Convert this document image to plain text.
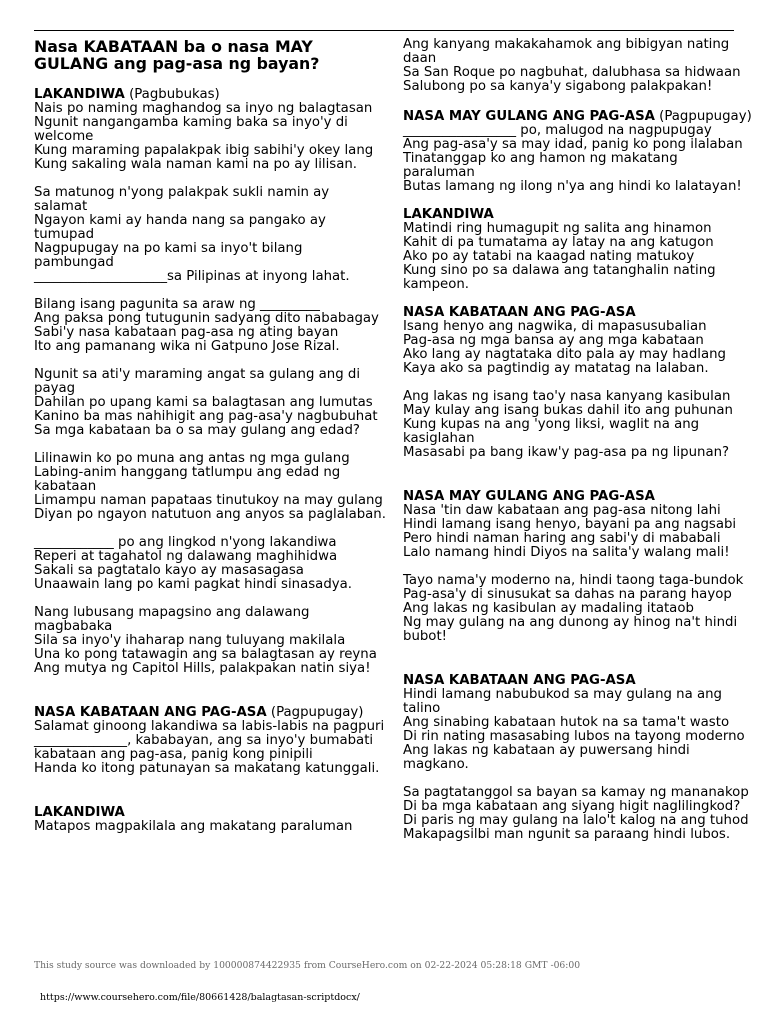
Nasa KABATAAN ba o nasa MAY GULANG ang pag-asa ng bayan?
LAKANDIWA (Pagbubukas)
Nais po naming maghandog sa inyo ng balagtasan
Ngunit nangangamba kaming baka sa inyo'y di welcome
Kung maraming papalakpak ibig sabihi'y okey lang
Kung sakaling wala naman kami na po ay lilisan.
Sa matunog n'yong palakpak sukli namin ay salamat
Ngayon kami ay handa nang sa pangako ay tumupad
Nagpupugay na po kami sa inyo't bilang pambungad
____________________sa Pilipinas at inyong lahat.
Bilang isang pagunita sa araw ng _________
Ang paksa pong tutugunin sadyang dito nababagay
Sabi'y nasa kabataan pag-asa ng ating bayan
Ito ang pamanang wika ni Gatpuno Jose Rizal.
Ngunit sa ati'y maraming angat sa gulang ang di payag
Dahilan po upang kami sa balagtasan ang lumutas
Kanino ba mas nahihigit ang pag-asa'y nagbubuhat
Sa mga kabataan ba o sa may gulang ang edad?
Lilinawin ko po muna ang antas ng mga gulang
Labing-anim hanggang tatlumpu ang edad ng kabataan
Limampu naman papataas tinutukoy na may gulang
Diyan po ngayon natutuon ang anyos sa paglalaban.
____________ po ang lingkod n'yong lakandiwa
Reperi at tagahatol ng dalawang maghihidwa
Sakali sa pagtatalo kayo ay masasagasa
Unaawain lang po kami pagkat hindi sinasadya.
Nang lubusang mapagsino ang dalawang magbabaka
Sila sa inyo'y ihaharap nang tuluyang makilala
Una ko pong tatawagin ang sa balagtasan ay reyna
Ang mutya ng Capitol Hills, palakpakan natin siya!
NASA KABATAAN ANG PAG-ASA (Pagpupugay)
Salamat ginoong lakandiwa sa labis-labis na pagpuri
______________, kababayan, ang sa inyo'y bumabati
kabataan ang pag-asa, panig kong pinipili
Handa ko itong patunayan sa makatang katunggali.
LAKANDIWA
Matapos magpakilala ang makatang paraluman
Ang kanyang makakahamok ang bibigyan nating daan
Sa San Roque po nagbuhat, dalubhasa sa hidwaan
Salubong po sa kanya'y sigabong palakpakan!
NASA MAY GULANG ANG PAG-ASA (Pagpupugay)
_________________ po, malugod na nagpupugay
Ang pag-asa'y sa may idad, panig ko pong ilalaban
Tinatanggap ko ang hamon ng makatang paraluman
Butas lamang ng ilong n'ya ang hindi ko lalatayan!
LAKANDIWA
Matindi ring humagupit ng salita ang hinamon
Kahit di pa tumatama ay latay na ang katugon
Ako po ay tatabi na kaagad nating matukoy
Kung sino po sa dalawa ang tatanghalin nating kampeon.
NASA KABATAAN ANG PAG-ASA
Isang henyo ang nagwika, di mapasusubalian
Pag-asa ng mga bansa ay ang mga kabataan
Ako lang ay nagtataka dito pala ay may hadlang
Kaya ako sa pagtindig ay matatag na lalaban.
Ang lakas ng isang tao'y nasa kanyang kasibulan
May kulay ang isang bukas dahil ito ang puhunan
Kung kupas na ang 'yong liksi, waglit na ang kasiglahan
Masasabi pa bang ikaw'y pag-asa pa ng lipunan?
NASA MAY GULANG ANG PAG-ASA
Nasa 'tin daw kabataan ang pag-asa nitong lahi
Hindi lamang isang henyo, bayani pa ang nagsabi
Pero hindi naman haring ang sabi'y di mababali
Lalo namang hindi Diyos na salita'y walang mali!
Tayo nama'y moderno na, hindi taong taga-bundok
Pag-asa'y di sinusukat sa dahas na parang hayop
Ang lakas ng kasibulan ay madaling itataob
Ng may gulang na ang dunong ay hinog na't hindi bubot!
NASA KABATAAN ANG PAG-ASA
Hindi lamang nabubukod sa may gulang na ang talino
Ang sinabing kabataan hutok na sa tama't wasto
Di rin nating masasabing lubos na tayong moderno
Ang lakas ng kabataan ay puwersang hindi magkano.
Sa pagtatanggol sa bayan sa kamay ng mananakop
Di ba mga kabataan ang siyang higit naglilingkod?
Di paris ng may gulang na lalo't kalog na ang tuhod
Makapagsilbi man ngunit sa paraang hindi lubos.
This study source was downloaded by 100000874422935 from CourseHero.com on 02-22-2024 05:28:18 GMT -06:00
https://www.coursehero.com/file/80661428/balagtasan-scriptdocx/
